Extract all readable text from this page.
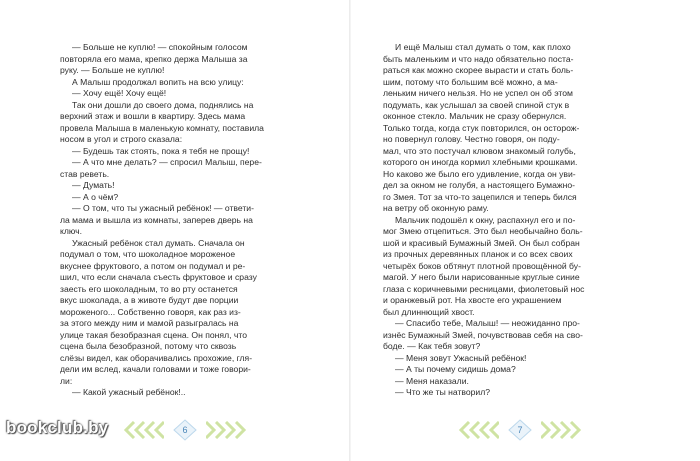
— Больше не куплю! — спокойным голосом
повторяла его мама, крепко держа Малыша за
руку. — Больше не куплю!
А Малыш продолжал вопить на всю улицу:
— Хочу ещё! Хочу ещё!
Так они дошли до своего дома, поднялись на
верхний этаж и вошли в квартиру. Здесь мама
провела Малыша в маленькую комнату, поставила
носом в угол и строго сказала:
— Будешь так стоять, пока я тебя не прощу!
— А что мне делать? — спросил Малыш, пере-
став реветь.
— Думать!
— А о чём?
— О том, что ты ужасный ребёнок! — ответи-
ла мама и вышла из комнаты, заперев дверь на
ключ.
Ужасный ребёнок стал думать. Сначала он
подумал о том, что шоколадное мороженое
вкуснее фруктового, а потом он подумал и ре-
шил, что если сначала съесть фруктовое и сразу
заесть его шоколадным, то во рту останется
вкус шоколада, а в животе будут две порции
мороженого... Собственно говоря, как раз из-
за этого между ним и мамой разыгралась на
улице такая безобразная сцена. Он понял, что
сцена была безобразной, потому что сквозь
слёзы видел, как оборачивались прохожие, гля-
дели им вслед, качали головами и тоже говори-
ли:
— Какой ужасный ребёнок!..
И ещё Малыш стал думать о том, как плохо
быть маленьким и что надо обязательно поста-
раться как можно скорее вырасти и стать боль-
шим, потому что большим всё можно, а ма-
леньким ничего нельзя. Но не успел он об этом
подумать, как услышал за своей спиной стук в
оконное стекло. Мальчик не сразу обернулся.
Только тогда, когда стук повторился, он осторож-
но повернул голову. Честно говоря, он поду-
мал, что это постучал клювом знакомый голубь,
которого он иногда кормил хлебными крошками.
Но каково же было его удивление, когда он уви-
дел за окном не голубя, а настоящего Бумажно-
го Змея. Тот за что-то зацепился и теперь бился
на ветру об оконную раму.
Мальчик подошёл к окну, распахнул его и по-
мог Змею отцепиться. Это был необычайно боль-
шой и красивый Бумажный Змей. Он был собран
из прочных деревянных планок и со всех своих
четырёх боков обтянут плотной провощённой бу-
магой. У него были нарисованные круглые синие
глаза с коричневыми ресницами, фиолетовый нос
и оранжевый рот. На хвосте его украшением
был длиннющий хвост.
— Спасибо тебе, Малыш! — неожиданно про-
изнёс Бумажный Змей, почувствовав себя на сво-
боде. — Как тебя зовут?
— Меня зовут Ужасный ребёнок!
— А ты почему сидишь дома?
— Меня наказали.
— Что же ты натворил?
6	7
bookclub.by
